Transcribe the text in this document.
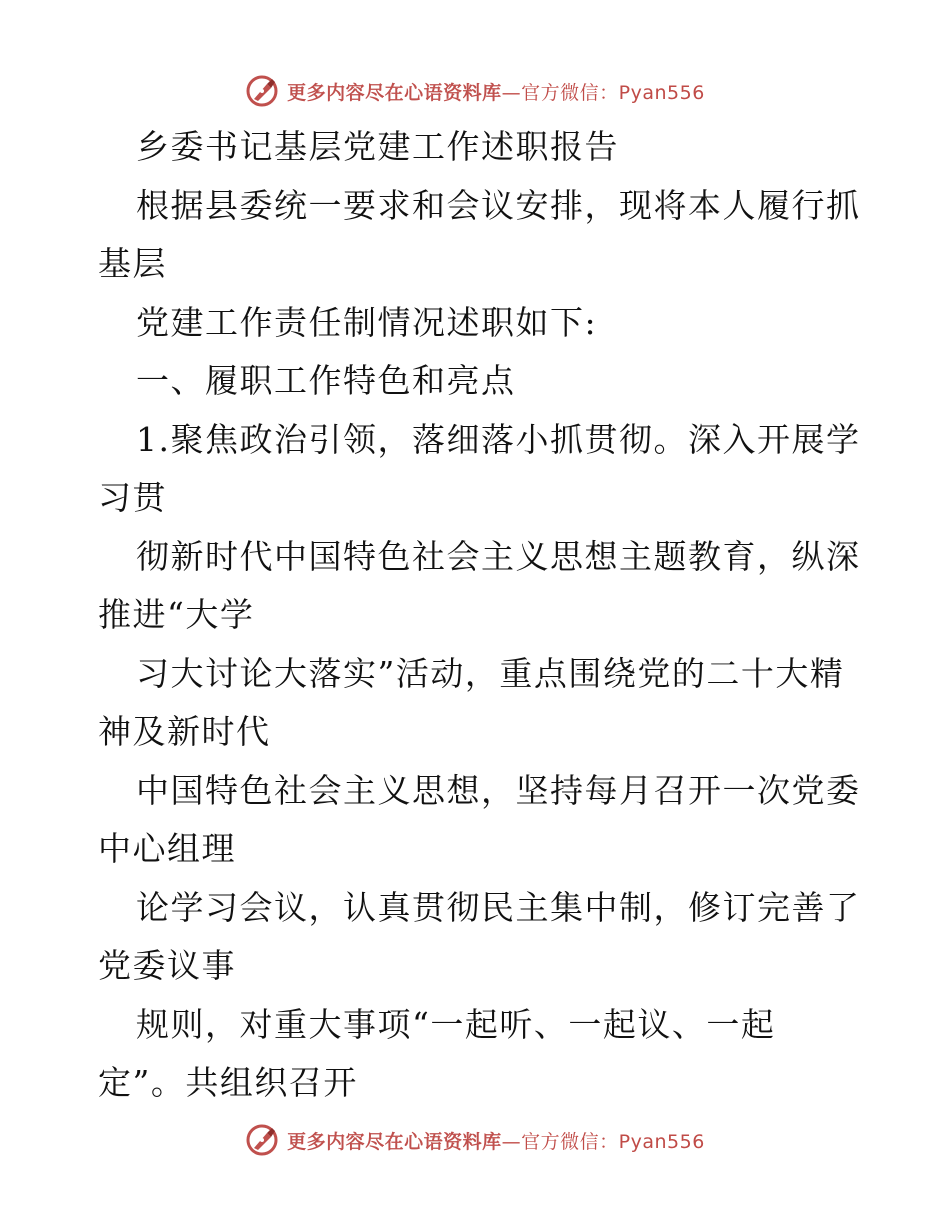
更多内容尽在心语资料库—官方微信：Pyan556
乡委书记基层党建工作述职报告
根据县委统一要求和会议安排，现将本人履行抓
基层
党建工作责任制情况述职如下:
一、履职工作特色和亮点
1.聚焦政治引领，落细落小抓贯彻。深入开展学
习贯
彻新时代中国特色社会主义思想主题教育，纵深
推进“大学
习大讨论大落实”活动，重点围绕党的二十大精
神及新时代
中国特色社会主义思想，坚持每月召开一次党委
中心组理
论学习会议，认真贯彻民主集中制，修订完善了
党委议事
规则，对重大事项“一起听、一起议、一起
定”。共组织召开
更多内容尽在心语资料库—官方微信：Pyan556
